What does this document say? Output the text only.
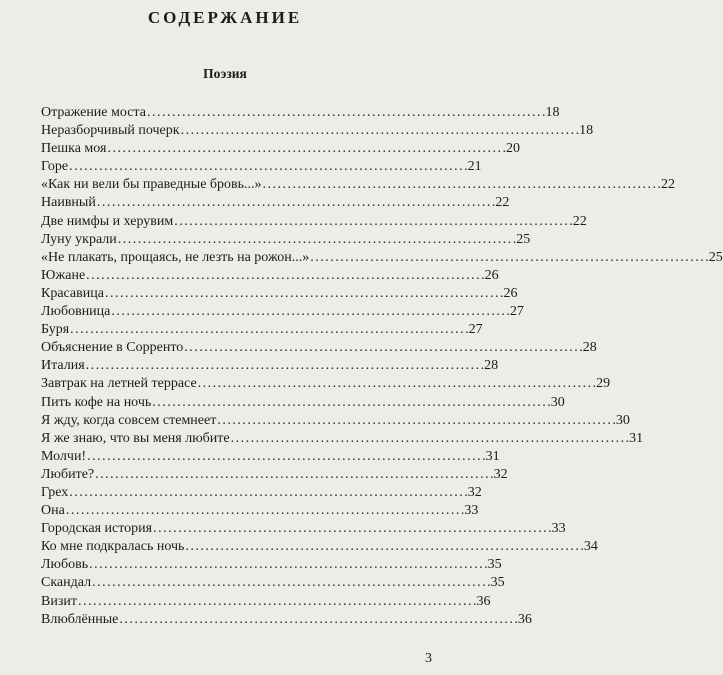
СОДЕРЖАНИЕ
Поэзия
Отражение моста . . .	18
Неразборчивый почерк . . .	18
Пешка моя . . .	20
Горе . . .	21
«Как ни вели бы праведные бровь...» . . .	22
Наивный . . .	22
Две нимфы и херувим . . .	22
Луну украли . . .	25
«Не плакать, прощаясь, не лезть на рожон...» . . .	25
Южане . . .	26
Красавица . . .	26
Любовница . . .	27
Буря . . .	27
Объяснение в Сорренто . . .	28
Италия . . .	28
Завтрак на летней террасе . . .	29
Пить кофе на ночь . . .	30
Я жду, когда совсем стемнеет . . .	30
Я же знаю, что вы меня любите . . .	31
Молчи! . . .	31
Любите? . . .	32
Грех . . .	32
Она . . .	33
Городская история . . .	33
Ко мне подкралась ночь . . .	34
Любовь . . .	35
Скандал . . .	35
Визит . . .	36
Влюблённые . . .	36
3
